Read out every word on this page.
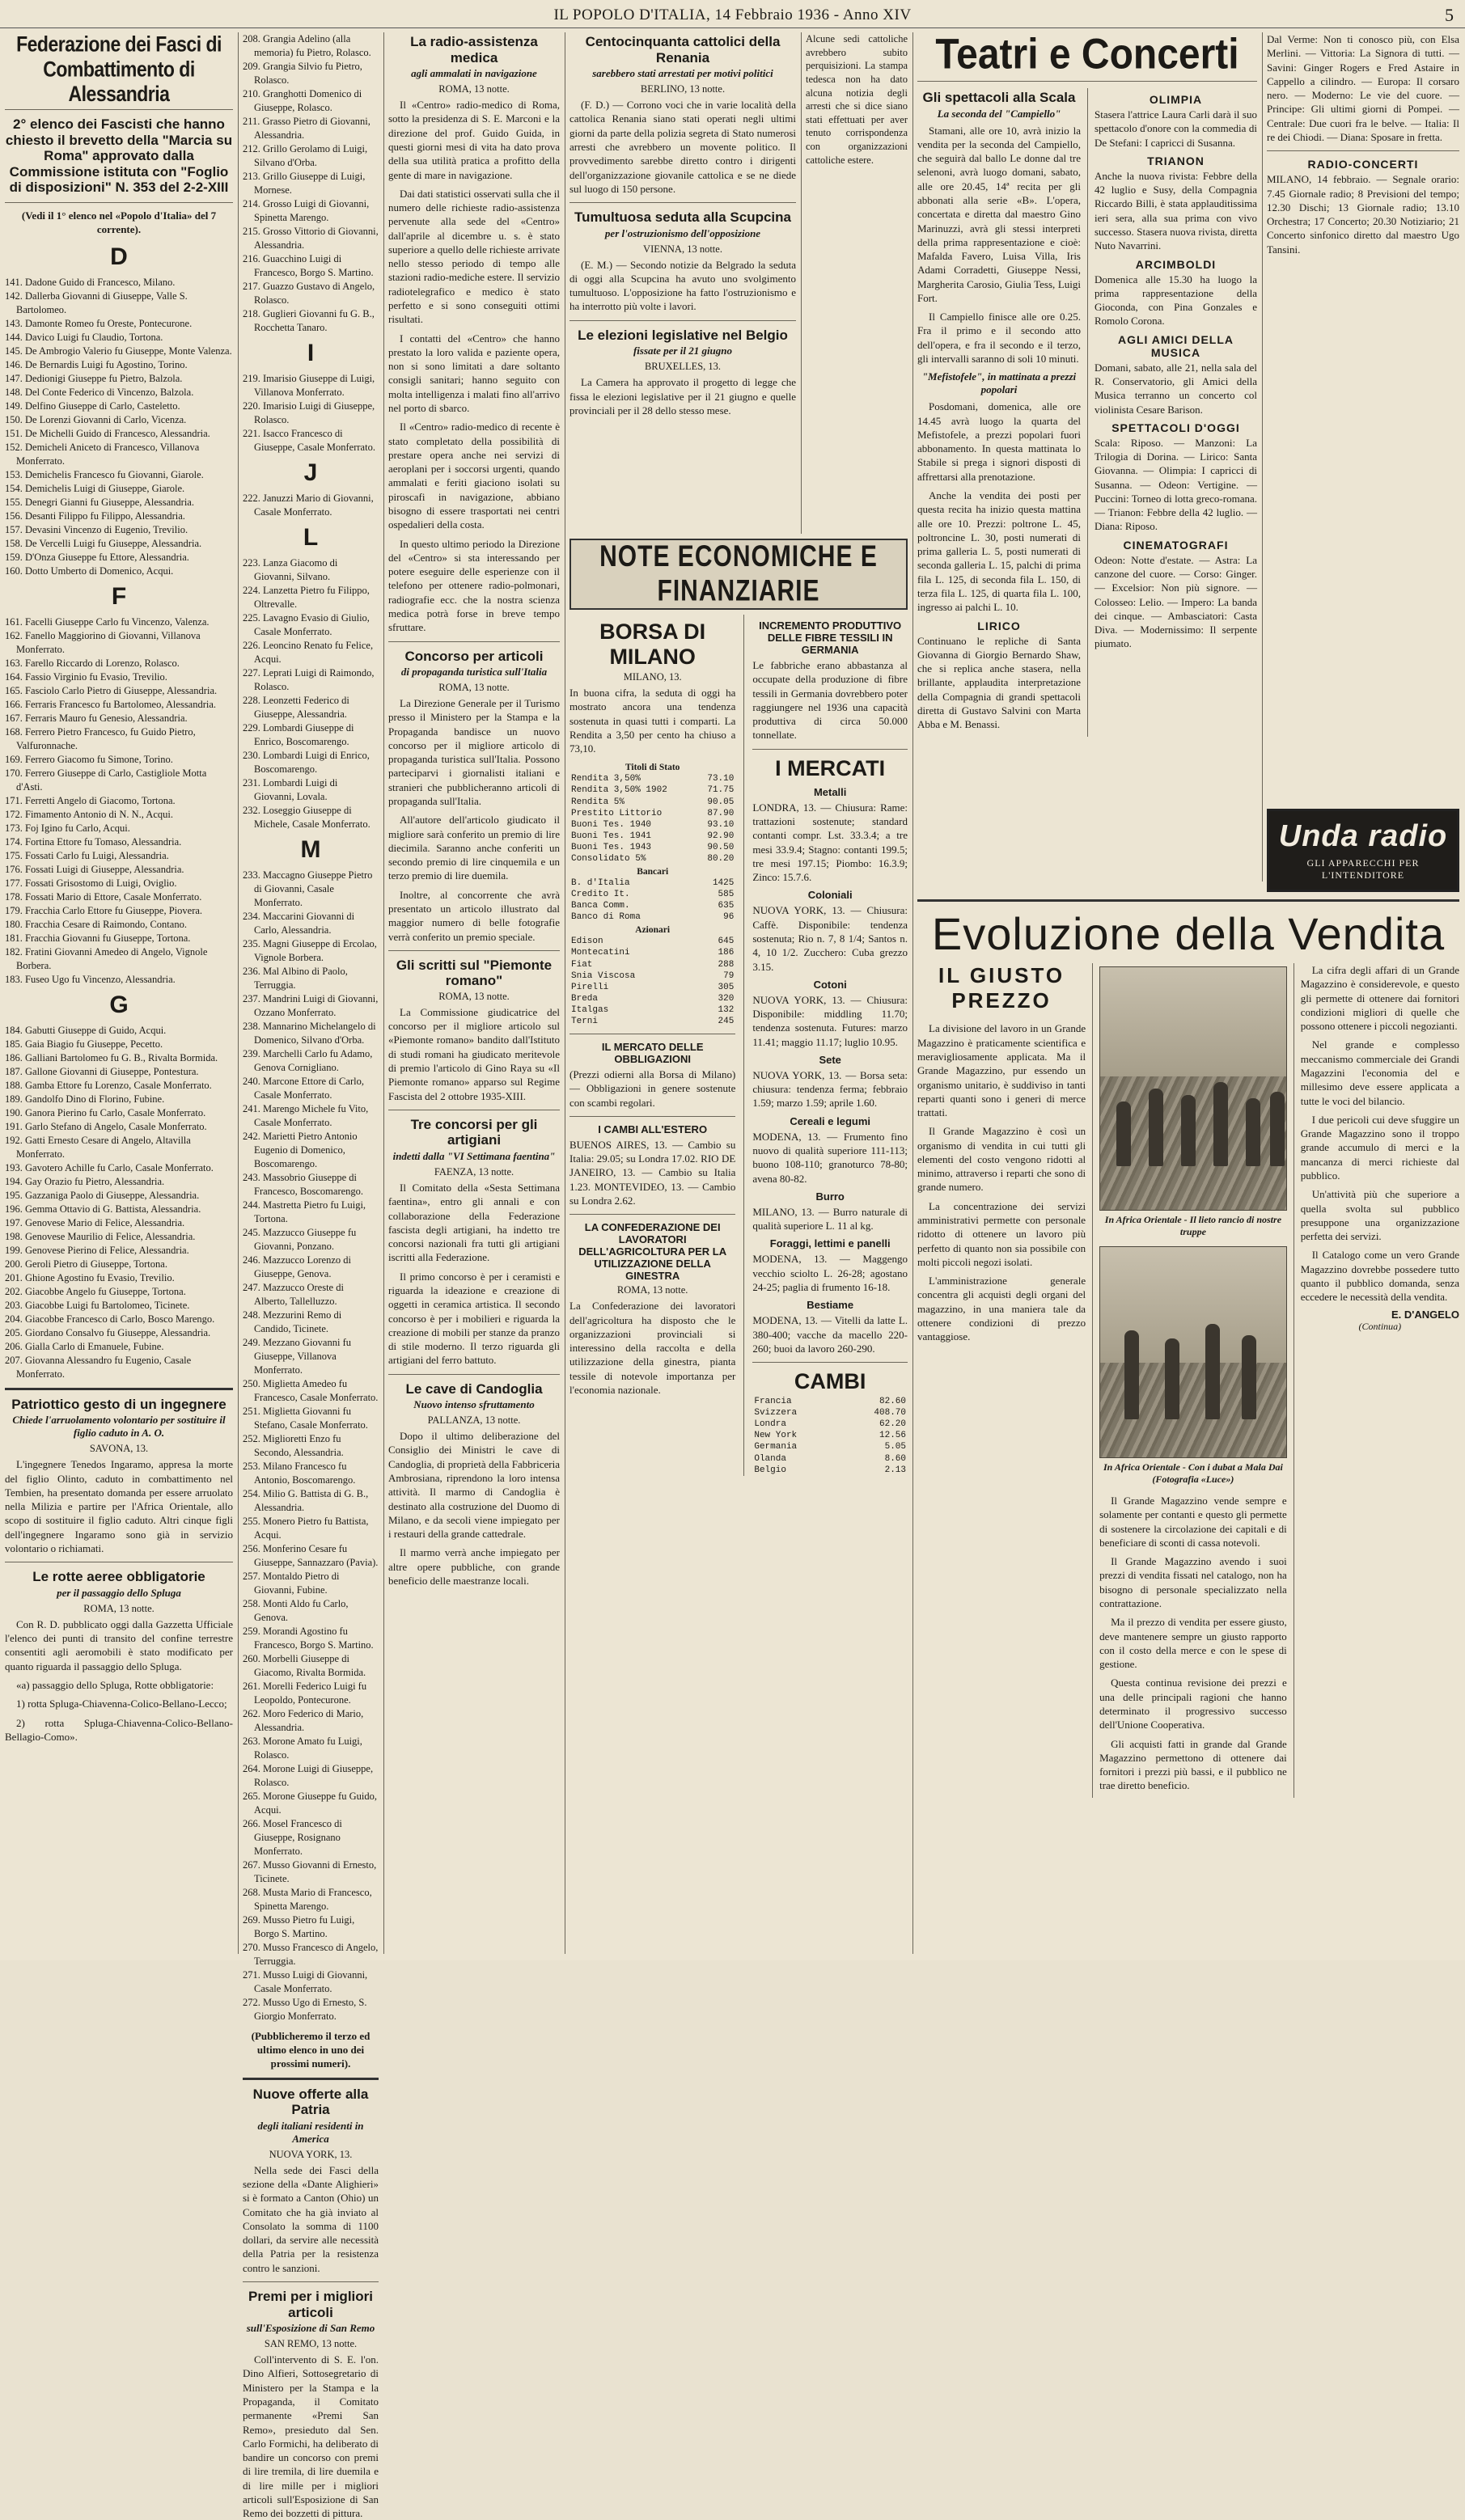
IL POPOLO D'ITALIA, 14 Febbraio 1936 - Anno XIV	5
Federazione dei Fasci di Combattimento di Alessandria
2° elenco dei Fascisti che hanno chiesto il brevetto della "Marcia su Roma" approvato dalla Commissione istituta con "Foglio di disposizioni" N. 353 del 2-2-XIII
(Vedi il 1° elenco nel «Popolo d'Italia» del 7 corrente).
D
141. Dadone Guido di Francesco, Milano.
142. Dallerba Giovanni di Giuseppe, Valle S. Bartolomeo.
143. Damonte Romeo fu Oreste, Pontecurone.
144. Davico Luigi fu Claudio, Tortona.
145. De Ambrogio Valerio fu Giuseppe, Monte Valenza.
146. De Bernardis Luigi fu Agostino, Torino.
147. Dedionigi Giuseppe fu Pietro, Balzola.
148. Del Conte Federico di Vincenzo, Balzola.
149. Delfino Giuseppe di Carlo, Casteletto.
150. De Lorenzi Giovanni di Carlo, Vicenza.
151. De Michelli Guido di Francesco, Alessandria.
152. Demicheli Aniceto di Francesco, Villanova Monferrato.
153. Demichelis Francesco fu Giovanni, Giarole.
154. Demichelis Luigi di Giuseppe, Giarole.
155. Denegri Gianni fu Giuseppe, Alessandria.
156. Desanti Filippo fu Filippo, Alessandria.
157. Devasini Vincenzo di Eugenio, Trevilio.
158. De Vercelli Luigi fu Giuseppe, Alessandria.
159. D'Onza Giuseppe fu Ettore, Alessandria.
160. Dotto Umberto di Domenico, Acqui.
F
161. Facelli Giuseppe Carlo fu Vincenzo, Valenza.
162. Fanello Maggiorino di Giovanni, Villanova Monferrato.
163. Farello Riccardo di Lorenzo, Rolasco.
164. Fassio Virginio fu Evasio, Trevilio.
165. Fasciolo Carlo Pietro di Giuseppe, Alessandria.
166. Ferraris Francesco fu Bartolomeo, Alessandria.
167. Ferraris Mauro fu Genesio, Alessandria.
168. Ferrero Pietro Francesco, fu Guido Pietro, Valfuronnache.
169. Ferrero Giacomo fu Simone, Torino.
170. Ferrero Giuseppe di Carlo, Castigliole Motta d'Asti.
171. Ferretti Angelo di Giacomo, Tortona.
172. Fimamento Antonio di N. N., Acqui.
173. Foj Igino fu Carlo, Acqui.
174. Fortina Ettore fu Tomaso, Alessandria.
175. Fossati Carlo fu Luigi, Alessandria.
176. Fossati Luigi di Giuseppe, Alessandria.
177. Fossati Grisostomo di Luigi, Oviglio.
178. Fossati Mario di Ettore, Casale Monferrato.
179. Fracchia Carlo Ettore fu Giuseppe, Piovera.
180. Fracchia Cesare di Raimondo, Contano.
181. Fracchia Giovanni fu Giuseppe, Tortona.
182. Fratini Giovanni Amedeo di Angelo, Vignole Borbera.
183. Fuseo Ugo fu Vincenzo, Alessandria.
G
184. Gabutti Giuseppe di Guido, Acqui.
185. Gaia Biagio fu Giuseppe, Pecetto.
186. Galliani Bartolomeo fu G. B., Rivalta Bormida.
187. Gallone Giovanni di Giuseppe, Pontestura.
188. Gamba Ettore fu Lorenzo, Casale Monferrato.
189. Gandolfo Dino di Florino, Fubine.
190. Ganora Pierino fu Carlo, Casale Monferrato.
191. Garlo Stefano di Angelo, Casale Monferrato.
192. Gatti Ernesto Cesare di Angelo, Altavilla Monferrato.
193. Gavotero Achille fu Carlo, Casale Monferrato.
194. Gay Orazio fu Pietro, Alessandria.
195. Gazzaniga Paolo di Giuseppe, Alessandria.
196. Gemma Ottavio di G. Battista, Alessandria.
197. Genovese Mario di Felice, Alessandria.
198. Genovese Maurilio di Felice, Alessandria.
199. Genovese Pierino di Felice, Alessandria.
200. Geroli Pietro di Giuseppe, Tortona.
201. Ghione Agostino fu Evasio, Trevilio.
202. Giacobbe Angelo fu Giuseppe, Tortona.
203. Giacobbe Luigi fu Bartolomeo, Ticinete.
204. Giacobbe Francesco di Carlo, Bosco Marengo.
205. Giordano Consalvo fu Giuseppe, Alessandria.
206. Gialla Carlo di Emanuele, Fubine.
207. Giovanna Alessandro fu Eugenio, Casale Monferrato.
Patriottico gesto di un ingegnere
Chiede l'arruolamento volontario per sostituire il figlio caduto in A. O.
SAVONA, 13.

L'ingegnere Tenedos Ingaramo, appresa la morte del figlio Olinto, caduto in combattimento nel Tembien, ha presentato domanda per essere arruolato nella Milizia e partire per l'Africa Orientale, allo scopo di sostituire il figlio caduto. Altri cinque figli dell'ingegnere Ingaramo sono già in servizio volontario o richiamati.

Le rotte aeree obbligatorie
per il passaggio dello Spluga
ROMA, 13 notte.

Con R. D. pubblicato oggi dalla Gazzetta Ufficiale l'elenco dei punti di transito del confine terrestre consentiti agli aeromobili è stato modificato per quanto riguarda il passaggio dello Spluga.

«a) passaggio dello Spluga, Rotte obbligatorie:

1) rotta Spluga-Chiavenna-Colico-Bellano-Lecco;

2) rotta Spluga-Chiavenna-Colico-Bellano-Bellagio-Como».

208. Grangia Adelino (alla memoria) fu Pietro, Rolasco.
209. Grangia Silvio fu Pietro, Rolasco.
210. Granghotti Domenico di Giuseppe, Rolasco.
211. Grasso Pietro di Giovanni, Alessandria.
212. Grillo Gerolamo di Luigi, Silvano d'Orba.
213. Grillo Giuseppe di Luigi, Mornese.
214. Grosso Luigi di Giovanni, Spinetta Marengo.
215. Grosso Vittorio di Giovanni, Alessandria.
216. Guacchino Luigi di Francesco, Borgo S. Martino.
217. Guazzo Gustavo di Angelo, Rolasco.
218. Guglieri Giovanni fu G. B., Rocchetta Tanaro.
I
219. Imarisio Giuseppe di Luigi, Villanova Monferrato.
220. Imarisio Luigi di Giuseppe, Rolasco.
221. Isacco Francesco di Giuseppe, Casale Monferrato.
J
222. Januzzi Mario di Giovanni, Casale Monferrato.
L
223. Lanza Giacomo di Giovanni, Silvano.
224. Lanzetta Pietro fu Filippo, Oltrevalle.
225. Lavagno Evasio di Giulio, Casale Monferrato.
226. Leoncino Renato fu Felice, Acqui.
227. Leprati Luigi di Raimondo, Rolasco.
228. Leonzetti Federico di Giuseppe, Alessandria.
229. Lombardi Giuseppe di Enrico, Boscomarengo.
230. Lombardi Luigi di Enrico, Boscomarengo.
231. Lombardi Luigi di Giovanni, Lovala.
232. Loseggio Giuseppe di Michele, Casale Monferrato.
M
233. Maccagno Giuseppe Pietro di Giovanni, Casale Monferrato.
234. Maccarini Giovanni di Carlo, Alessandria.
235. Magni Giuseppe di Ercolao, Vignole Borbera.
236. Mal Albino di Paolo, Terruggia.
237. Mandrini Luigi di Giovanni, Ozzano Monferrato.
238. Mannarino Michelangelo di Domenico, Silvano d'Orba.
239. Marchelli Carlo fu Adamo, Genova Cornigliano.
240. Marcone Ettore di Carlo, Casale Monferrato.
241. Marengo Michele fu Vito, Casale Monferrato.
242. Marietti Pietro Antonio Eugenio di Domenico, Boscomarengo.
243. Massobrio Giuseppe di Francesco, Boscomarengo.
244. Mastretta Pietro fu Luigi, Tortona.
245. Mazzucco Giuseppe fu Giovanni, Ponzano.
246. Mazzucco Lorenzo di Giuseppe, Genova.
247. Mazzucco Oreste di Alberto, Tallelluzzo.
248. Mezzurini Remo di Candido, Ticinete.
249. Mezzano Giovanni fu Giuseppe, Villanova Monferrato.
250. Miglietta Amedeo fu Francesco, Casale Monferrato.
251. Miglietta Giovanni fu Stefano, Casale Monferrato.
252. Miglioretti Enzo fu Secondo, Alessandria.
253. Milano Francesco fu Antonio, Boscomarengo.
254. Milio G. Battista di G. B., Alessandria.
255. Monero Pietro fu Battista, Acqui.
256. Monferino Cesare fu Giuseppe, Sannazzaro (Pavia).
257. Montaldo Pietro di Giovanni, Fubine.
258. Monti Aldo fu Carlo, Genova.
259. Morandi Agostino fu Francesco, Borgo S. Martino.
260. Morbelli Giuseppe di Giacomo, Rivalta Bormida.
261. Morelli Federico Luigi fu Leopoldo, Pontecurone.
262. Moro Federico di Mario, Alessandria.
263. Morone Amato fu Luigi, Rolasco.
264. Morone Luigi di Giuseppe, Rolasco.
265. Morone Giuseppe fu Guido, Acqui.
266. Mosel Francesco di Giuseppe, Rosignano Monferrato.
267. Musso Giovanni di Ernesto, Ticinete.
268. Musta Mario di Francesco, Spinetta Marengo.
269. Musso Pietro fu Luigi, Borgo S. Martino.
270. Musso Francesco di Angelo, Terruggia.
271. Musso Luigi di Giovanni, Casale Monferrato.
272. Musso Ugo di Ernesto, S. Giorgio Monferrato.
(Pubblicheremo il terzo ed ultimo elenco in uno dei prossimi numeri).
Nuove offerte alla Patria
degli italiani residenti in America
NUOVA YORK, 13.

Nella sede dei Fasci della sezione della «Dante Alighieri» si è formato a Canton (Ohio) un Comitato che ha già inviato al Consolato la somma di 1100 dollari, da servire alle necessità della Patria per la resistenza contro le sanzioni.

Premi per i migliori articoli
sull'Esposizione di San Remo
SAN REMO, 13 notte.

Coll'intervento di S. E. l'on. Dino Alfieri, Sottosegretario di Ministero per la Stampa e la Propaganda, il Comitato permanente «Premi San Remo», presieduto dal Sen. Carlo Formichi, ha deliberato di bandire un concorso con premi di lire tremila, di lire duemila e di lire mille per i migliori articoli sull'Esposizione di San Remo dei bozzetti di pittura.

La radio-assistenza medica
agli ammalati in navigazione
ROMA, 13 notte.

Il «Centro» radio-medico di Roma, sotto la presidenza di S. E. Marconi e la direzione del prof. Guido Guida, in questi giorni mesi di vita ha dato prova della sua utilità pratica a profitto della gente di mare in navigazione.

Dai dati statistici osservati sulla che il numero delle richieste radio-assistenza pervenute alla sede del «Centro» dall'aprile al dicembre u. s. è stato superiore a quello delle richieste arrivate nello stesso periodo di tempo alle stazioni radio-mediche estere. Il servizio radiotelegrafico e medico è stato perfetto e si sono conseguiti ottimi risultati.

I contatti del «Centro» che hanno prestato la loro valida e paziente opera, non si sono limitati a dare soltanto consigli sanitari; hanno seguito con molta intelligenza i malati fino all'arrivo nel porto di sbarco.

Il «Centro» radio-medico di recente è stato completato della possibilità di prestare opera anche nei servizi di aeroplani per i soccorsi urgenti, quando ammalati e feriti giaciono isolati su piroscafi in navigazione, abbiano bisogno di essere trasportati nei centri ospedalieri della costa.

In questo ultimo periodo la Direzione del «Centro» si sta interessando per potere eseguire delle esperienze con il telefono per ottenere radio-polmonari, radiografie ecc. che la nostra scienza medica potrà forse in breve tempo sfruttare.

Concorso per articoli
di propaganda turistica sull'Italia
ROMA, 13 notte.

La Direzione Generale per il Turismo presso il Ministero per la Stampa e la Propaganda bandisce un nuovo concorso per il migliore articolo di propaganda turistica sull'Italia. Possono parteciparvi i giornalisti italiani e stranieri che pubblicheranno articoli di propaganda sull'Italia.

All'autore dell'articolo giudicato il migliore sarà conferito un premio di lire diecimila. Saranno anche conferiti un secondo premio di lire cinquemila e un terzo premio di lire duemila.

Inoltre, al concorrente che avrà presentato un articolo illustrato dal maggior numero di belle fotografie verrà conferito un premio speciale.

Gli scritti sul "Piemonte romano"
ROMA, 13 notte.

La Commissione giudicatrice del concorso per il migliore articolo sul «Piemonte romano» bandito dall'Istituto di studi romani ha giudicato meritevole di premio l'articolo di Gino Raya su «Il Piemonte romano» apparso sul Regime Fascista del 2 ottobre 1935-XIII.

Tre concorsi per gli artigiani
indetti dalla "VI Settimana faentina"
FAENZA, 13 notte.

Il Comitato della «Sesta Settimana faentina», entro gli annali e con collaborazione della Federazione fascista degli artigiani, ha indetto tre concorsi nazionali fra tutti gli artigiani iscritti alla Federazione.

Il primo concorso è per i ceramisti e riguarda la ideazione e creazione di oggetti in ceramica artistica. Il secondo concorso è per i mobilieri e riguarda la creazione di mobili per stanze da pranzo di stile moderno. Il terzo riguarda gli artigiani del ferro battuto.

Le cave di Candoglia
Nuovo intenso sfruttamento
PALLANZA, 13 notte.

Dopo il ultimo deliberazione del Consiglio dei Ministri le cave di Candoglia, di proprietà della Fabbriceria Ambrosiana, riprendono la loro intensa attività. Il marmo di Candoglia è destinato alla costruzione del Duomo di Milano, e da secoli viene impiegato per i restauri della grande cattedrale.

Il marmo verrà anche impiegato per altre opere pubbliche, con grande beneficio delle maestranze locali.

Centocinquanta cattolici della Renania
sarebbero stati arrestati per motivi politici
BERLINO, 13 notte.

(F. D.) — Corrono voci che in varie località della cattolica Renania siano stati operati negli ultimi giorni da parte della polizia segreta di Stato numerosi arresti che avrebbero un movente politico. Il provvedimento sarebbe diretto contro i dirigenti dell'organizzazione giovanile cattolica e se ne diede sul luogo di 150 persone.

Tumultuosa seduta alla Scupcina
per l'ostruzionismo dell'opposizione
VIENNA, 13 notte.

(E. M.) — Secondo notizie da Belgrado la seduta di oggi alla Scupcina ha avuto uno svolgimento tumultuoso. L'opposizione ha fatto l'ostruzionismo e ha interrotto più volte i lavori.

Le elezioni legislative nel Belgio
fissate per il 21 giugno
BRUXELLES, 13.

La Camera ha approvato il progetto di legge che fissa le elezioni legislative per il 21 giugno e quelle provinciali per il 28 dello stesso mese.

Alcune sedi cattoliche avrebbero subito perquisizioni. La stampa tedesca non ha dato alcuna notizia degli arresti che si dice siano stati effettuati per aver tenuto corrispondenza con organizzazioni cattoliche estere.

NOTE ECONOMICHE E FINANZIARIE
BORSA DI MILANO
MILANO, 13.

In buona cifra, la seduta di oggi ha mostrato ancora una tendenza sostenuta in quasi tutti i comparti. La Rendita a 3,50 per cento ha chiuso a 73,10.

Titoli di Stato
Rendita 3,50%	73.10
Rendita 3,50% 1902	71.75
Rendita 5%	90.05
Prestito Littorio	87.90
Buoni Tes. 1940	93.10
Buoni Tes. 1941	92.90
Buoni Tes. 1943	90.50
Consolidato 5%	80.20
Bancari
B. d'Italia	1425
Credito It.	585
Banca Comm.	635
Banco di Roma	96
Azionari
Edison	645
Montecatini	186
Fiat	288
Snia Viscosa	79
Pirelli	305
Breda	320
Italgas	132
Terni	245
IL MERCATO DELLE OBBLIGAZIONI

(Prezzi odierni alla Borsa di Milano) — Obbligazioni in genere sostenute con scambi regolari.

I CAMBI ALL'ESTERO

BUENOS AIRES, 13. — Cambio su Italia: 29.05; su Londra 17.02. RIO DE JANEIRO, 13. — Cambio su Italia 1.23. MONTEVIDEO, 13. — Cambio su Londra 2.62.

LA CONFEDERAZIONE DEI LAVORATORI DELL'AGRICOLTURA PER LA UTILIZZAZIONE DELLA GINESTRA
ROMA, 13 notte.

La Confederazione dei lavoratori dell'agricoltura ha disposto che le organizzazioni provinciali si interessino della raccolta e della utilizzazione della ginestra, pianta tessile di notevole importanza per l'economia nazionale.

INCREMENTO PRODUTTIVO DELLE FIBRE TESSILI IN GERMANIA

Le fabbriche erano abbastanza al occupate della produzione di fibre tessili in Germania dovrebbero poter raggiungere nel 1936 una capacità produttiva di circa 50.000 tonnellate.

I MERCATI
Metalli

LONDRA, 13. — Chiusura: Rame: trattazioni sostenute; standard contanti compr. Lst. 33.3.4; a tre mesi 33.9.4; Stagno: contanti 199.5; tre mesi 197.15; Piombo: 16.3.9; Zinco: 15.7.6.

Coloniali

NUOVA YORK, 13. — Chiusura: Caffè. Disponibile: tendenza sostenuta; Rio n. 7, 8 1/4; Santos n. 4, 10 1/2. Zucchero: Cuba grezzo 3.15.

Cotoni

NUOVA YORK, 13. — Chiusura: Disponibile: middling 11.70; tendenza sostenuta. Futures: marzo 11.41; maggio 11.17; luglio 10.95.

Sete

NUOVA YORK, 13. — Borsa seta: chiusura: tendenza ferma; febbraio 1.59; marzo 1.59; aprile 1.60.

Cereali e legumi

MODENA, 13. — Frumento fino nuovo di qualità superiore 111-113; buono 108-110; granoturco 78-80; avena 80-82.

Burro

MILANO, 13. — Burro naturale di qualità superiore L. 11 al kg.

Foraggi, lettimi e panelli

MODENA, 13. — Maggengo vecchio sciolto L. 26-28; agostano 24-25; paglia di frumento 16-18.

Bestiame

MODENA, 13. — Vitelli da latte L. 380-400; vacche da macello 220-260; buoi da lavoro 260-290.

CAMBI
Francia	82.60
Svizzera	408.70
Londra	62.20
New York	12.56
Germania	5.05
Olanda	8.60
Belgio	2.13
Teatri e Concerti
Gli spettacoli alla Scala
La seconda del "Campiello"

Stamani, alle ore 10, avrà inizio la vendita per la seconda del Campiello, che seguirà dal ballo Le donne dal tre selenoni, avrà luogo domani, sabato, alle ore 20.45, 14ª recita per gli abbonati alla serie «B». L'opera, concertata e diretta dal maestro Gino Marinuzzi, avrà gli stessi interpreti della prima rappresentazione e cioè: Mafalda Favero, Luisa Villa, Iris Adami Corradetti, Giuseppe Nessi, Margherita Carosio, Giulia Tess, Luigi Fort.

Il Campiello finisce alle ore 0.25. Fra il primo e il secondo atto dell'opera, e fra il secondo e il terzo, gli intervalli saranno di soli 10 minuti.

"Mefistofele", in mattinata a prezzi popolari

Posdomani, domenica, alle ore 14.45 avrà luogo la quarta del Mefistofele, a prezzi popolari fuori abbonamento. In questa mattinata lo Stabile si prega i signori disposti di affrettarsi alla prenotazione.

Anche la vendita dei posti per questa recita ha inizio questa mattina alle ore 10. Prezzi: poltrone L. 45, poltroncine L. 30, posti numerati di prima galleria L. 5, posti numerati di seconda galleria L. 15, palchi di prima fila L. 125, di seconda fila L. 150, di terza fila L. 125, di quarta fila L. 100, ingresso ai palchi L. 10.

LIRICO

Continuano le repliche di Santa Giovanna di Giorgio Bernardo Shaw, che si replica anche stasera, nella brillante, applaudita interpretazione della Compagnia di grandi spettacoli diretta di Gustavo Salvini con Marta Abba e M. Benassi.

OLIMPIA

Stasera l'attrice Laura Carli darà il suo spettacolo d'onore con la commedia di De Stefani: I capricci di Susanna.

TRIANON

Anche la nuova rivista: Febbre della 42 luglio e Susy, della Compagnia Riccardo Billi, è stata applauditissima ieri sera, alla sua prima con vivo successo. Stasera nuova rivista, diretta Nuto Navarrini.

ARCIMBOLDI

Domenica alle 15.30 ha luogo la prima rappresentazione della Gioconda, con Pina Gonzales e Romolo Corona.

AGLI AMICI DELLA MUSICA

Domani, sabato, alle 21, nella sala del R. Conservatorio, gli Amici della Musica terranno un concerto col violinista Cesare Barison.

SPETTACOLI D'OGGI

Scala: Riposo. — Manzoni: La Trilogia di Dorina. — Lirico: Santa Giovanna. — Olimpia: I capricci di Susanna. — Odeon: Vertigine. — Puccini: Torneo di lotta greco-romana. — Trianon: Febbre della 42 luglio. — Diana: Riposo.

CINEMATOGRAFI

Odeon: Notte d'estate. — Astra: La canzone del cuore. — Corso: Ginger. — Excelsior: Non più signore. — Colosseo: Lelio. — Impero: La banda dei cinque. — Ambasciatori: Casta Diva. — Modernissimo: Il serpente piumato.

Dal Verme: Non ti conosco più, con Elsa Merlini. — Vittoria: La Signora di tutti. — Savini: Ginger Rogers e Fred Astaire in Cappello a cilindro. — Europa: Il corsaro nero. — Moderno: Le vie del cuore. — Principe: Gli ultimi giorni di Pompei. — Centrale: Due cuori fra le belve. — Italia: Il re dei Chiodi. — Diana: Sposare in fretta.

RADIO-CONCERTI

MILANO, 14 febbraio. — Segnale orario: 7.45 Giornale radio; 8 Previsioni del tempo; 12.30 Dischi; 13 Giornale radio; 13.10 Orchestra; 17 Concerto; 20.30 Notiziario; 21 Concerto sinfonico diretto dal maestro Ugo Tansini.

Unda radio
GLI APPARECCHI PER L'INTENDITORE
Evoluzione della Vendita
IL GIUSTO
PREZZO

La divisione del lavoro in un Grande Magazzino è praticamente scientifica e meravigliosamente applicata. Ma il Grande Magazzino, pur essendo un organismo unitario, è suddiviso in tanti reparti quanti sono i generi di merce trattati.

Il Grande Magazzino è così un organismo di vendita in cui tutti gli elementi del costo vengono ridotti al minimo, attraverso i reparti che sono di grande numero.

La concentrazione dei servizi amministrativi permette con personale ridotto di ottenere un lavoro più perfetto di quanto non sia possibile con molti piccoli negozi isolati.

L'amministrazione generale concentra gli acquisti degli organi del magazzino, in una maniera tale da ottenere condizioni di prezzo vantaggiose.

In Africa Orientale - Il lieto rancio di nostre truppe
In Africa Orientale - Con i dubat a Mala Dai (Fotografia «Luce»)

Il Grande Magazzino vende sempre e solamente per contanti e questo gli permette di sostenere la circolazione dei capitali e di beneficiare di sconti di cassa notevoli.

Il Grande Magazzino avendo i suoi prezzi di vendita fissati nel catalogo, non ha bisogno di personale specializzato nella contrattazione.

Ma il prezzo di vendita per essere giusto, deve mantenere sempre un giusto rapporto con il costo della merce e con le spese di gestione.

Questa continua revisione dei prezzi e una delle principali ragioni che hanno determinato il progressivo successo dell'Unione Cooperativa.

Gli acquisti fatti in grande dal Grande Magazzino permettono di ottenere dai fornitori i prezzi più bassi, e il pubblico ne trae diretto beneficio.

La cifra degli affari di un Grande Magazzino è considerevole, e questo gli permette di ottenere dai fornitori condizioni migliori di quelle che possono ottenere i piccoli negozianti.

Nel grande e complesso meccanismo commerciale dei Grandi Magazzini l'economia del e millesimo deve essere applicata a tutte le voci del bilancio.

I due pericoli cui deve sfuggire un Grande Magazzino sono il troppo grande accumulo di merci e la mancanza di merci richieste dal pubblico.

Un'attività più che superiore a quella svolta sul pubblico presuppone una organizzazione perfetta dei servizi.

Il Catalogo come un vero Grande Magazzino dovrebbe possedere tutto quanto il pubblico domanda, senza eccedere le necessità della vendita.

E. D'ANGELO
(Continua)
